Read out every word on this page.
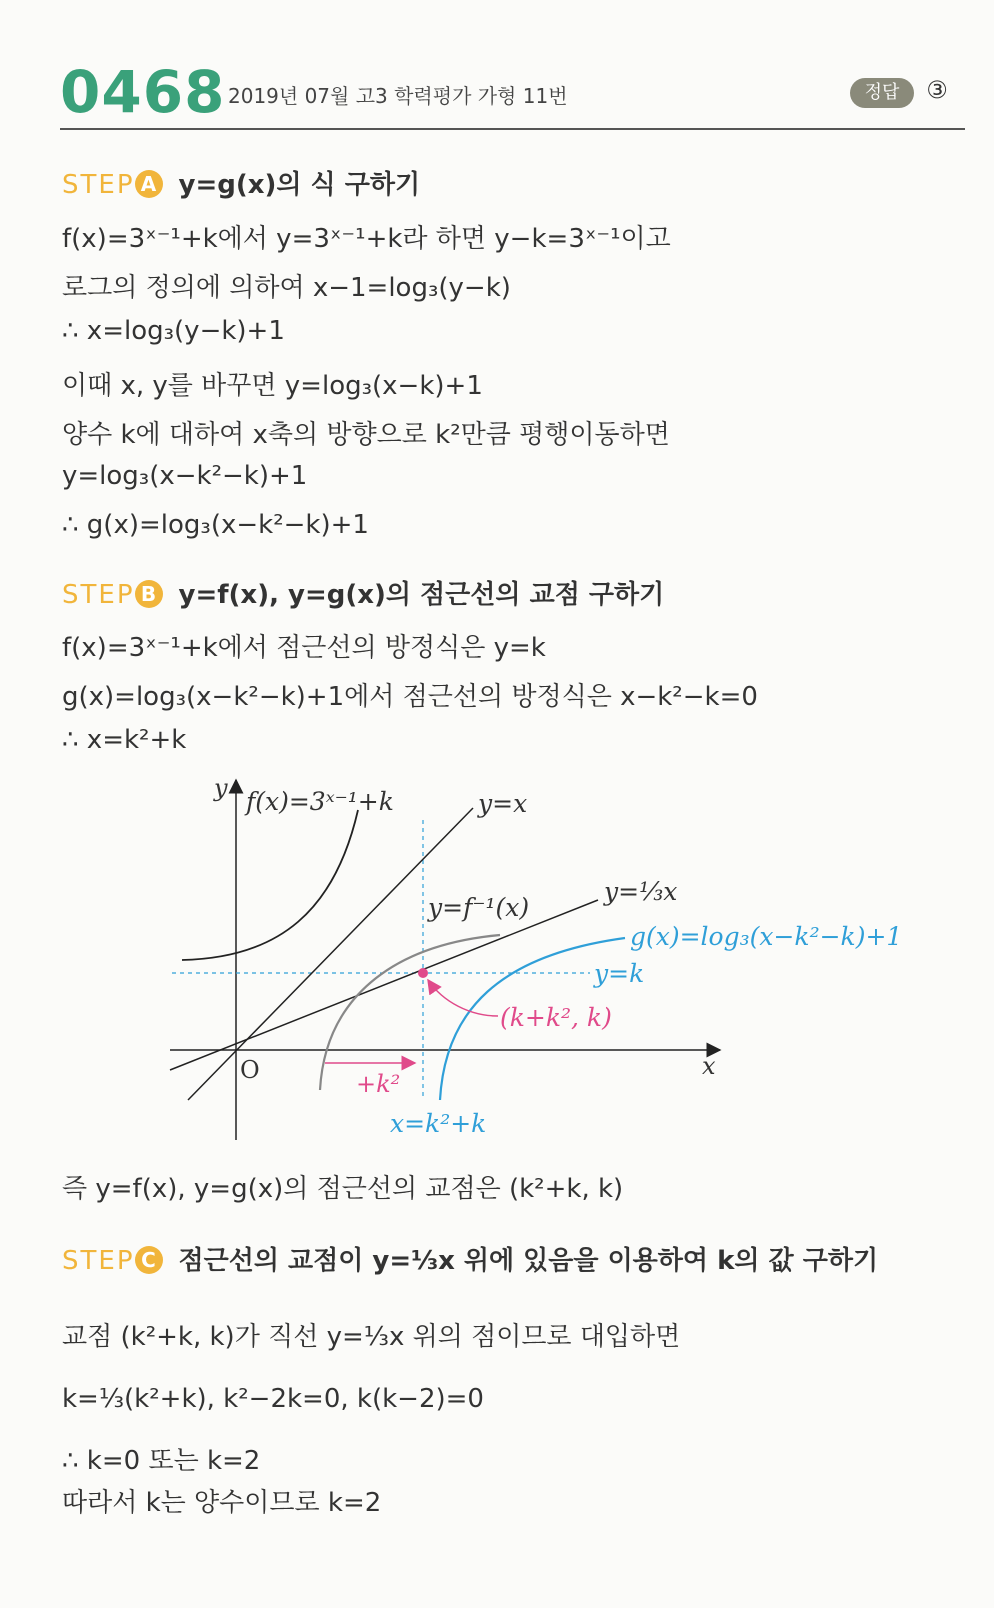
0468 2019년 07월 고3 학력평가 가형 11번	정답	③
STEP A y=g(x)의 식 구하기
f(x)=3ˣ⁻¹+k에서 y=3ˣ⁻¹+k라 하면 y−k=3ˣ⁻¹이고
로그의 정의에 의하여 x−1=log₃(y−k)
∴ x=log₃(y−k)+1
이때 x, y를 바꾸면 y=log₃(x−k)+1
양수 k에 대하여 x축의 방향으로 k²만큼 평행이동하면
y=log₃(x−k²−k)+1
∴ g(x)=log₃(x−k²−k)+1
STEP B y=f(x), y=g(x)의 점근선의 교점 구하기
f(x)=3ˣ⁻¹+k에서 점근선의 방정식은 y=k
g(x)=log₃(x−k²−k)+1에서 점근선의 방정식은 x−k²−k=0
∴ x=k²+k
y
x
O
f(x)=3ˣ⁻¹+k	y=x
y=f⁻¹(x)
y=⅓x
g(x)=log₃(x−k²−k)+1
y=k
(k+k², k)
+k²
x=k²+k
즉 y=f(x), y=g(x)의 점근선의 교점은 (k²+k, k)
STEP C 점근선의 교점이 y=⅓x 위에 있음을 이용하여 k의 값 구하기
교점 (k²+k, k)가 직선 y=⅓x 위의 점이므로 대입하면
k=⅓(k²+k), k²−2k=0, k(k−2)=0
∴ k=0 또는 k=2
따라서 k는 양수이므로 k=2
